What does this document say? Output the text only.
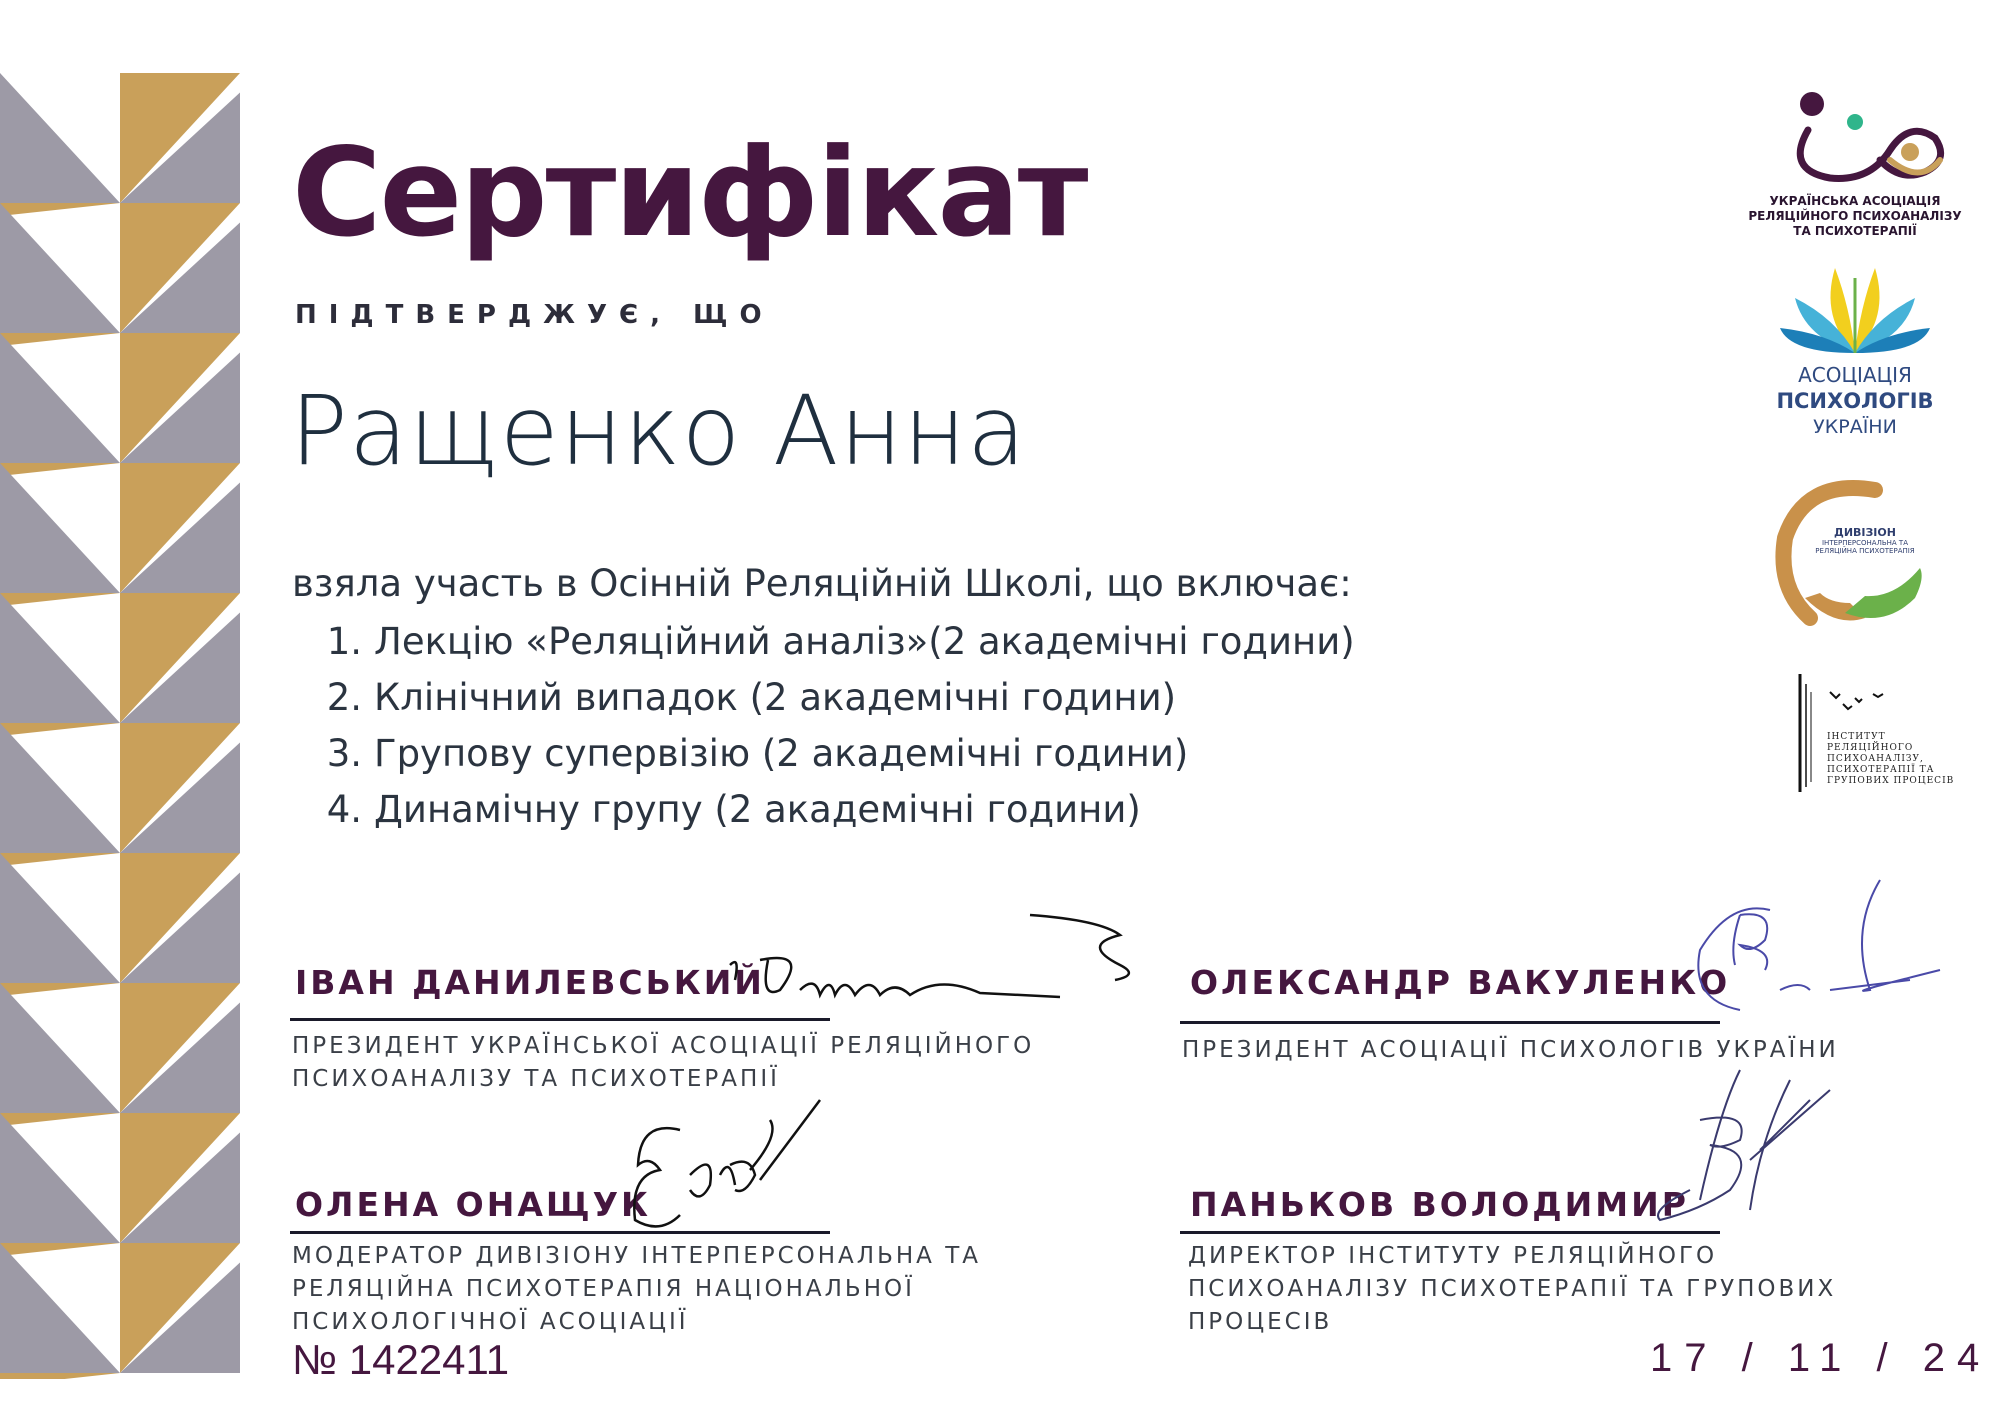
Сертифікат
ПІДТВЕРДЖУЄ, ЩО
Ращенко Анна
взяла участь в Осінній Реляційній Школі, що включає:
1. Лекцію «Реляційний аналіз»(2 академічні години)
2. Клінічний випадок (2 академічні години)
3. Групову супервізію (2 академічні години)
4. Динамічну групу (2 академічні години)
ІВАН ДАНИЛЕВСЬКИЙ
ПРЕЗИДЕНТ УКРАЇНСЬКОЇ АСОЦІАЦІЇ РЕЛЯЦІЙНОГО
ПСИХОАНАЛІЗУ ТА ПСИХОТЕРАПІЇ
ОЛЕКСАНДР ВАКУЛЕНКО
ПРЕЗИДЕНТ АСОЦІАЦІЇ ПСИХОЛОГІВ УКРАЇНИ
ОЛЕНА ОНАЩУК
МОДЕРАТОР ДИВІЗІОНУ ІНТЕРПЕРСОНАЛЬНА ТА
РЕЛЯЦІЙНА ПСИХОТЕРАПІЯ НАЦІОНАЛЬНОЇ
ПСИХОЛОГІЧНОЇ АСОЦІАЦІЇ
ПАНЬКОВ ВОЛОДИМИР
ДИРЕКТОР ІНСТИТУТУ РЕЛЯЦІЙНОГО
ПСИХОАНАЛІЗУ ПСИХОТЕРАПІЇ ТА ГРУПОВИХ
ПРОЦЕСІВ
№ 1422411	17 / 11 / 24
УКРАЇНСЬКА АСОЦІАЦІЯ
РЕЛЯЦІЙНОГО ПСИХОАНАЛІЗУ
ТА ПСИХОТЕРАПІЇ
АСОЦІАЦІЯ
ПСИХОЛОГІВ
УКРАЇНИ
ДИВІЗІОН
ІНТЕРПЕРСОНАЛЬНА ТА
РЕЛЯЦІЙНА ПСИХОТЕРАПІЯ
ІНСТИТУТ РЕЛЯЦІЙНОГО
ПСИХОАНАЛІЗУ,
ПСИХОТЕРАПІЇ ТА
ГРУПОВИХ ПРОЦЕСІВ
